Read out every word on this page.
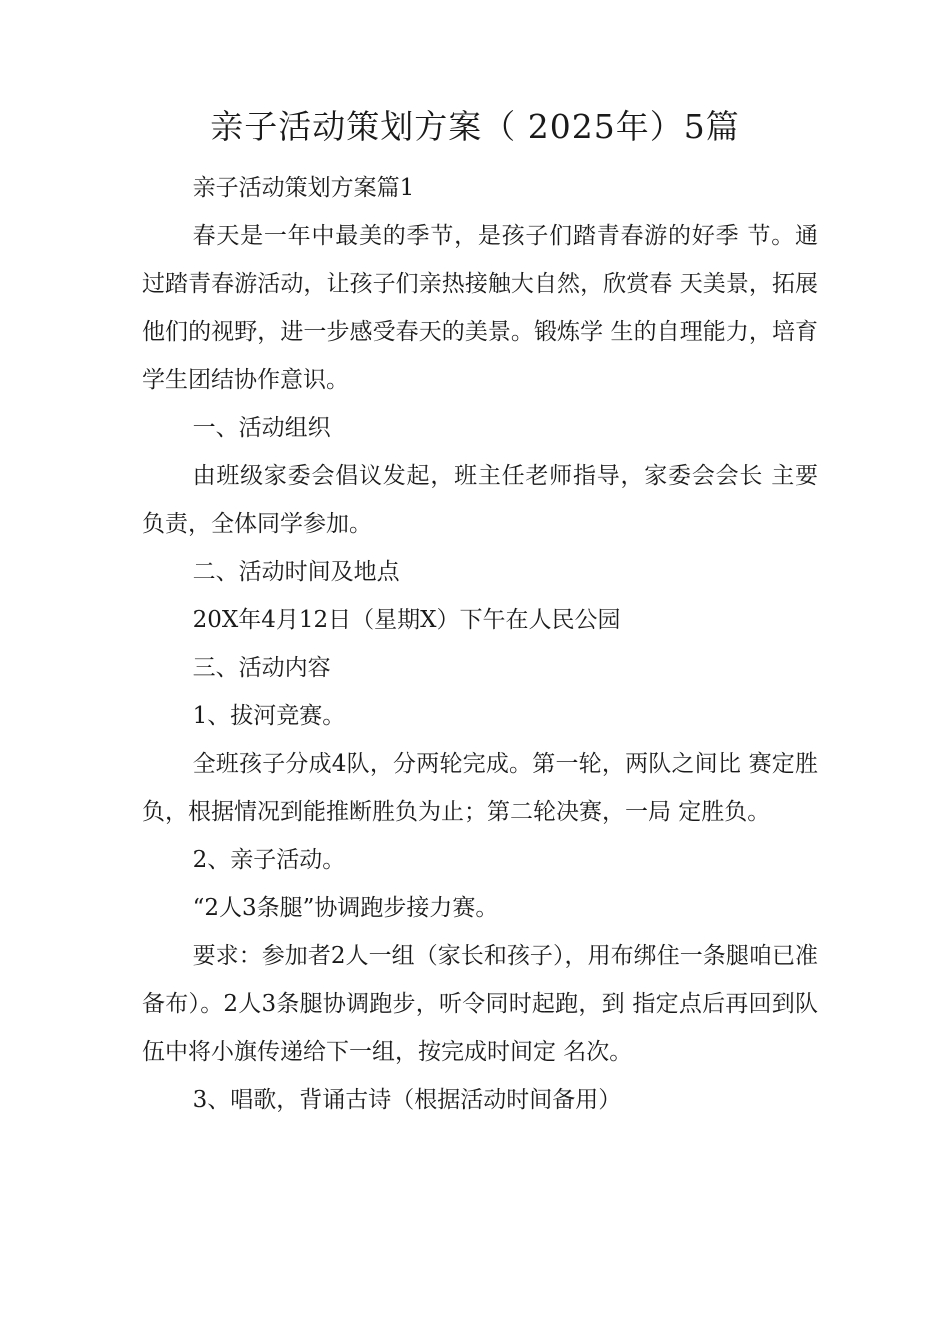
亲子活动策划方案（ 2025年）5篇

亲子活动策划方案篇1

春天是一年中最美的季节，是孩子们踏青春游的好季 节。通过踏青春游活动，让孩子们亲热接触大自然，欣赏春 天美景，拓展他们的视野，进一步感受春天的美景。锻炼学 生的自理能力，培育学生团结协作意识。

一、活动组织

由班级家委会倡议发起，班主任老师指导，家委会会长 主要负责，全体同学参加。

二、活动时间及地点

20X年4月12日（星期X）下午在人民公园

三、活动内容

1、拔河竞赛。

全班孩子分成4队，分两轮完成。第一轮，两队之间比 赛定胜负，根据情况到能推断胜负为止；第二轮决赛，一局 定胜负。

2、亲子活动。

“2人3条腿”协调跑步接力赛。

要求：参加者2人一组（家长和孩子），用布绑住一条腿咱已准备布）。2人3条腿协调跑步，听令同时起跑，到 指定点后再回到队伍中将小旗传递给下一组，按完成时间定 名次。

3、唱歌，背诵古诗（根据活动时间备用）
